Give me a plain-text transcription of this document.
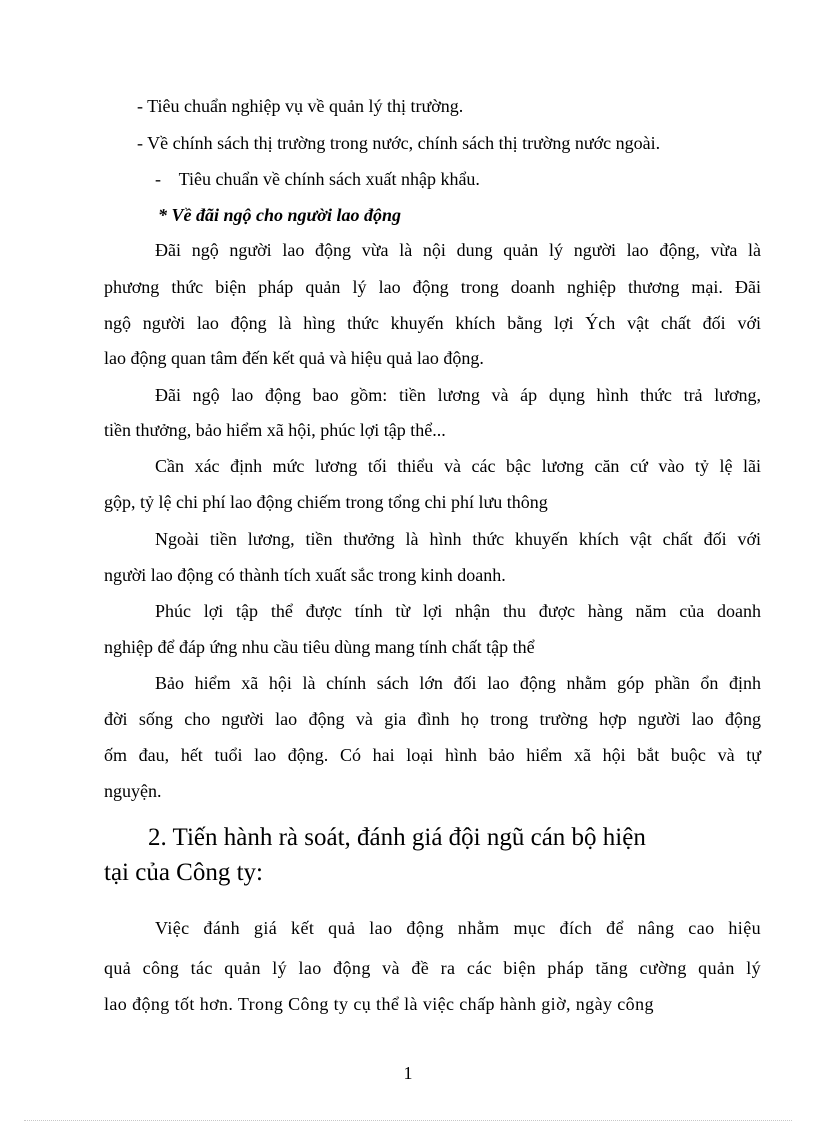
- Tiêu chuẩn nghiệp vụ về quản lý thị trường.
- Về chính sách thị trường trong nước, chính sách thị trường nước ngoài.
-    Tiêu chuẩn về chính sách xuất nhập khẩu.
* Về đãi ngộ cho người lao động
Đãi ngộ người lao động vừa là nội dung quản lý người lao động, vừa là
phương thức biện pháp quản lý lao động trong doanh nghiệp thương mại. Đãi
ngộ người lao động là hìng thức khuyến khích bằng lợi Ých vật chất đối với
lao động quan tâm đến kết quả và hiệu quả lao động.
Đãi ngộ lao động bao gồm: tiền lương và áp dụng hình thức trả lương,
tiền thưởng, bảo hiểm xã hội, phúc lợi tập thể...
Cần xác định mức lương tối thiểu và các bậc lương căn cứ vào tỷ lệ lãi
gộp, tỷ lệ chi phí lao động chiếm trong tổng chi phí lưu thông
Ngoài tiền lương, tiền thưởng là hình thức khuyến khích vật chất đối với
người lao động có thành tích xuất sắc trong kinh doanh.
Phúc lợi tập thể được tính từ lợi nhận thu được hàng năm của doanh
nghiệp để đáp ứng nhu cầu tiêu dùng mang tính chất tập thể
Bảo hiểm xã hội là chính sách lớn đối lao động nhằm góp phần ổn định
đời sống cho người lao động và gia đình họ trong trường hợp người lao động
ốm đau, hết tuổi lao động. Có hai loại hình bảo hiểm xã hội bắt buộc và tự
nguyện.
2. Tiến hành rà soát, đánh giá đội ngũ cán bộ hiện
tại của Công ty:
Việc đánh giá kết quả lao động nhằm mục đích để nâng cao hiệu
quả công tác quản lý lao động và đề ra các biện pháp tăng cường quản lý
lao động tốt hơn. Trong Công ty cụ thể là việc chấp hành giờ, ngày công
1
